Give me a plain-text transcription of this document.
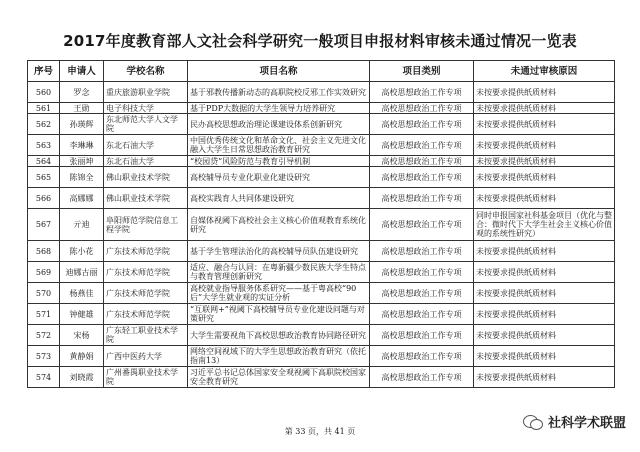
2017年度教育部人文社会科学研究一般项目申报材料审核未通过情况一览表
序号	申请人	学校名称	项目名称	项目类别	未通过审核原因
560	罗念	重庆旅游职业学院	基于邪教传播新动态的高职院校反邪工作实效研究	高校思想政治工作专项	未按要求提供纸质材料
561	王勋	电子科技大学	基于PDP大数据的大学生领导力培养研究	高校思想政治工作专项	未按要求提供纸质材料
562	孙瑛辉	东北师范大学人文学院	民办高校思想政治理论课建设体系创新研究	高校思想政治工作专项	未按要求提供纸质材料
563	李琳琳	东北石油大学	中国优秀传统文化和革命文化、社会主义先进文化融入大学生日常思想政治教育研究	高校思想政治工作专项	未按要求提供纸质材料
564	张丽坤	东北石油大学	“校园贷”风险防范与教育引导机制	高校思想政治工作专项	未按要求提供纸质材料
565	陈锦全	佛山职业技术学院	高校辅导员专业化职业化建设研究	高校思想政治工作专项	未按要求提供纸质材料
566	高娜娜	佛山职业技术学院	高校实践育人共同体建设研究	高校思想政治工作专项	未按要求提供纸质材料
567	亓迪	阜阳师范学院信息工程学院	自媒体视阈下高校社会主义核心价值观教育系统化研究	高校思想政治工作专项	同时申报国家社科基金项目（优化与整合：微时代下大学生社会主义核心价值观的系统性研究）
568	陈小花	广东技术师范学院	基于学生管理法治化的高校辅导员队伍建设研究	高校思想政治工作专项	未按要求提供纸质材料
569	迪娜古丽	广东技术师范学院	适应、融合与认同：在粤新疆少数民族大学生特点与教育管理创新研究	高校思想政治工作专项	未按要求提供纸质材料
570	杨燕佳	广东技术师范学院	高校就业指导服务体系研究——基于粤高校“90后”大学生就业观的实证分析	高校思想政治工作专项	未按要求提供纸质材料
571	钟健雄	广东技术师范学院	“互联网+”视阈下高校辅导员专业化建设问题与对策研究	高校思想政治工作专项	未按要求提供纸质材料
572	宋杨	广东轻工职业技术学院	大学生需要视角下高校思想政治教育协同路径研究	高校思想政治工作专项	未按要求提供纸质材料
573	黄静娟	广西中医药大学	网络空间视域下的大学生思想政治教育研究（依托指南13）	高校思想政治工作专项	未按要求提供纸质材料
574	刘晓霞	广州番禺职业技术学院	习近平总书记总体国家安全观视阈下高职院校国家安全教育研究	高校思想政治工作专项	未按要求提供纸质材料
第 33 页，共 41 页
社科学术联盟
